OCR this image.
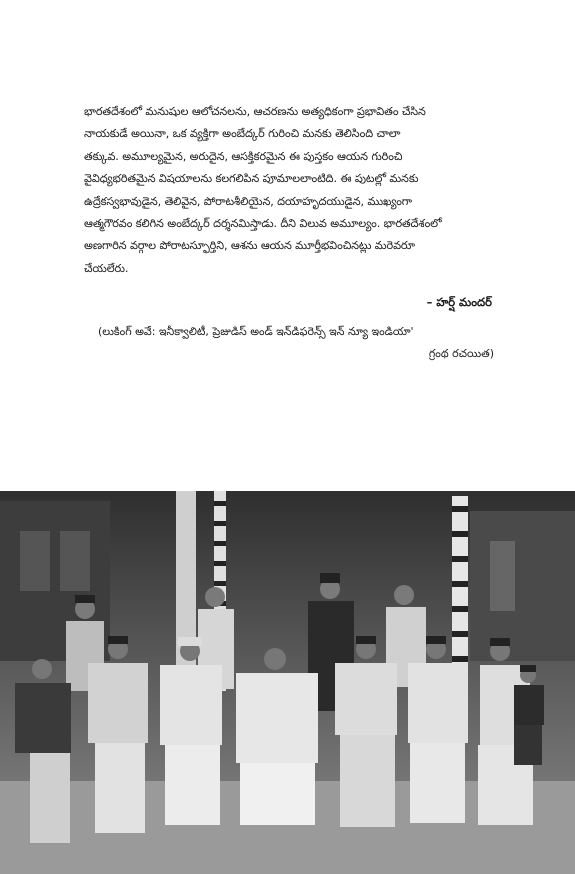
భారతదేశంలో మనుషుల ఆలోచనలను, ఆచరణను అత్యధికంగా ప్రభావితం చేసిన
నాయకుడే అయినా, ఒక వ్యక్తిగా అంబేద్కర్ గురించి మనకు తెలిసింది చాలా
తక్కువ. అమూల్యమైన, అరుదైన, ఆసక్తికరమైన ఈ పుస్తకం ఆయన గురించి
వైవిధ్యభరితమైన విషయాలను కలగలిపిన పూమాలలాంటిది. ఈ పుటల్లో మనకు
ఉద్రేకస్వభావుడైన, తెలివైన, పోరాటశీలియైన, దయాహృదయుడైన, ముఖ్యంగా
ఆత్మగౌరవం కలిగిన అంబేద్కర్ దర్శనమిస్తాడు. దీని విలువ అమూల్యం. భారతదేశంలో
అణగారిన వర్గాల పోరాటస్ఫూర్తిని, ఆశను ఆయన మూర్తీభవించినట్లు మరెవరూ
చేయలేరు.

– హర్ష్ మందర్
(లుకింగ్ అవే: ఇనీక్వాలిటీ, ప్రెజుడిస్ అండ్ ఇన్‌డిఫరెన్స్ ఇన్ న్యూ ఇండియా'
గ్రంథ రచయిత)
